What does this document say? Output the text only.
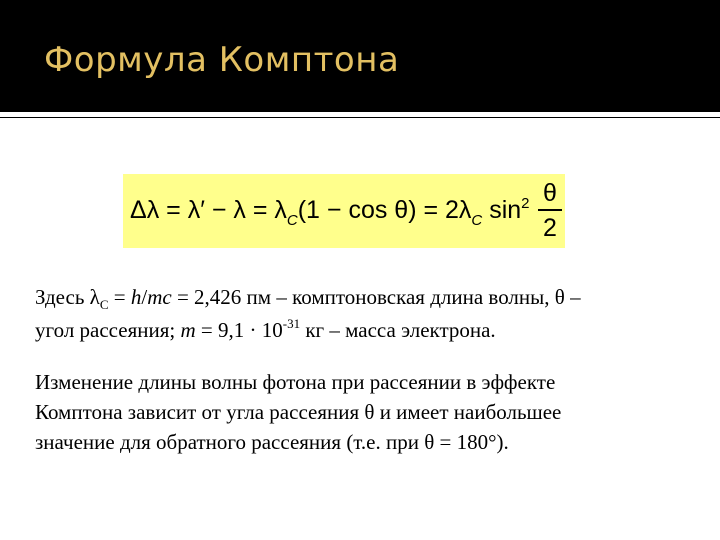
Формула Комптона
$\Delta\lambda = \lambda' - \lambda = \lambda_C(1 - \cos \theta) = 2\lambda_C$ $\sin^2 \theta$
2
Здесь $\lambda_C = h/mc = 2,426$ пм – комптоновская длина волны, θ –
угол рассеяния; $m = 9,1 \cdot 10^{-31}$ кг – масса электрона.
Изменение длины волны фотона при рассеянии в эффекте
Комптона зависит от угла рассеяния θ и имеет наибольшее
значение для обратного рассеяния (т.е. при θ = 180°).
